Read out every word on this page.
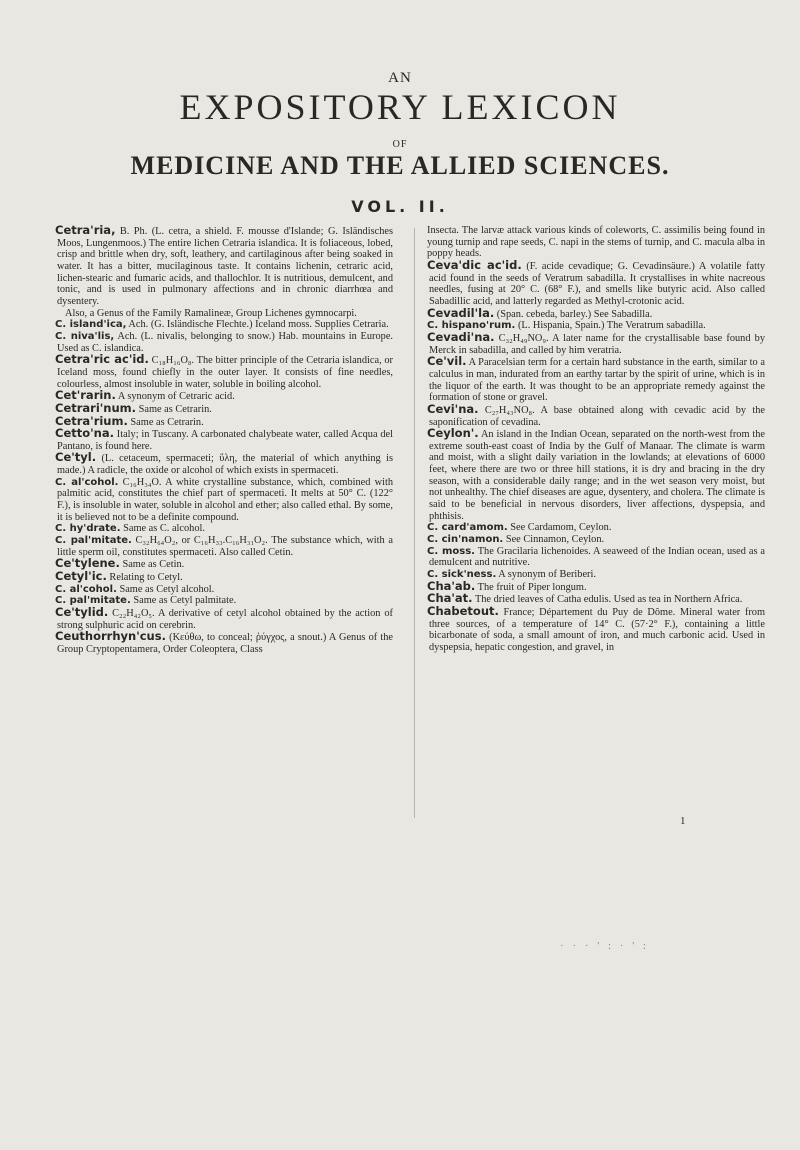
AN
EXPOSITORY LEXICON
OF
MEDICINE AND THE ALLIED SCIENCES.
VOL. II.

Cetra'ria, B. Ph. (L. cetra, a shield. F. mousse d'Islande; G. Isländisches Moos, Lungenmoos.) The entire lichen Cetraria islandica. It is foliaceous, lobed, crisp and brittle when dry, soft, leathery, and cartilaginous after being soaked in water. It has a bitter, mucilaginous taste. It contains lichenin, cetraric acid, lichen-stearic and fumaric acids, and thallochlor. It is nutritious, demulcent, and tonic, and is used in pulmonary affections and in chronic diarrhœa and dysentery.

Also, a Genus of the Family Ramalineæ, Group Lichenes gymnocarpi.

C. island'ica, Ach. (G. Isländische Flechte.) Iceland moss. Supplies Cetraria.

C. niva'lis, Ach. (L. nivalis, belonging to snow.) Hab. mountains in Europe. Used as C. islandica.

Cetra'ric ac'id. C₁₈H₁₆O₈. The bitter principle of the Cetraria islandica, or Iceland moss, found chiefly in the outer layer. It consists of fine needles, colourless, almost insoluble in water, soluble in boiling alcohol.

Cet'rarin. A synonym of Cetraric acid.

Cetrari'num. Same as Cetrarin.

Cetra'rium. Same as Cetrarin.

Cetto'na. Italy; in Tuscany. A carbonated chalybeate water, called Acqua del Pantano, is found here.

Ce'tyl. (L. cetaceum, spermaceti; ὕλη, the material of which anything is made.) A radicle, the oxide or alcohol of which exists in spermaceti.

C. al'cohol. C₁₆H₃₄O. A white crystalline substance, which, combined with palmitic acid, constitutes the chief part of spermaceti. It melts at 50° C. (122° F.), is insoluble in water, soluble in alcohol and ether; also called ethal. By some, it is believed not to be a definite compound.

C. hy'drate. Same as C. alcohol.

C. pal'mitate. C₃₂H₆₄O₂, or C₁₆H₃₃.C₁₆H₃₁O₂. The substance which, with a little sperm oil, constitutes spermaceti. Also called Cetin.

Ce'tylene. Same as Cetin.

Cetyl'ic. Relating to Cetyl.

C. al'cohol. Same as Cetyl alcohol.

C. pal'mitate. Same as Cetyl palmitate.

Ce'tylid. C₂₂H₄₂O₅. A derivative of cetyl alcohol obtained by the action of strong sulphuric acid on cerebrin.

Ceuthorrhyn'cus. (Κεύθω, to conceal; ῥύγχος, a snout.) A Genus of the Group Cryptopentamera, Order Coleoptera, Class

Insecta. The larvæ attack various kinds of coleworts, C. assimilis being found in young turnip and rape seeds, C. napi in the stems of turnip, and C. macula alba in poppy heads.

Ceva'dic ac'id. (F. acide cevadique; G. Cevadinsäure.) A volatile fatty acid found in the seeds of Veratrum sabadilla. It crystallises in white nacreous needles, fusing at 20° C. (68° F.), and smells like butyric acid. Also called Sabadillic acid, and latterly regarded as Methyl-crotonic acid.

Cevadil'la. (Span. cebeda, barley.) See Sabadilla.

C. hispano'rum. (L. Hispania, Spain.) The Veratrum sabadilla.

Cevadi'na. C₃₂H₄₉NO₉. A later name for the crystallisable base found by Merck in sabadilla, and called by him veratria.

Ce'vil. A Paracelsian term for a certain hard substance in the earth, similar to a calculus in man, indurated from an earthy tartar by the spirit of urine, which is in the liquor of the earth. It was thought to be an appropriate remedy against the formation of stone or gravel.

Cevi'na. C₂₇H₄₃NO₈. A base obtained along with cevadic acid by the saponification of cevadina.

Ceylon'. An island in the Indian Ocean, separated on the north-west from the extreme south-east coast of India by the Gulf of Manaar. The climate is warm and moist, with a slight daily variation in the lowlands; at elevations of 6000 feet, where there are two or three hill stations, it is dry and bracing in the dry season, with a considerable daily range; and in the wet season very moist, but not unhealthy. The chief diseases are ague, dysentery, and cholera. The climate is said to be beneficial in nervous disorders, liver affections, dyspepsia, and phthisis.

C. card'amom. See Cardamom, Ceylon.

C. cin'namon. See Cinnamon, Ceylon.

C. moss. The Gracilaria lichenoides. A seaweed of the Indian ocean, used as a demulcent and nutritive.

C. sick'ness. A synonym of Beriberi.

Cha'ab. The fruit of Piper longum.

Cha'at. The dried leaves of Catha edulis. Used as tea in Northern Africa.

Chabetout. France; Département du Puy de Dôme. Mineral water from three sources, of a temperature of 14° C. (57·2° F.), containing a little bicarbonate of soda, a small amount of iron, and much carbonic acid. Used in dyspepsia, hepatic congestion, and gravel, in

1
· · · ' : · ' :
